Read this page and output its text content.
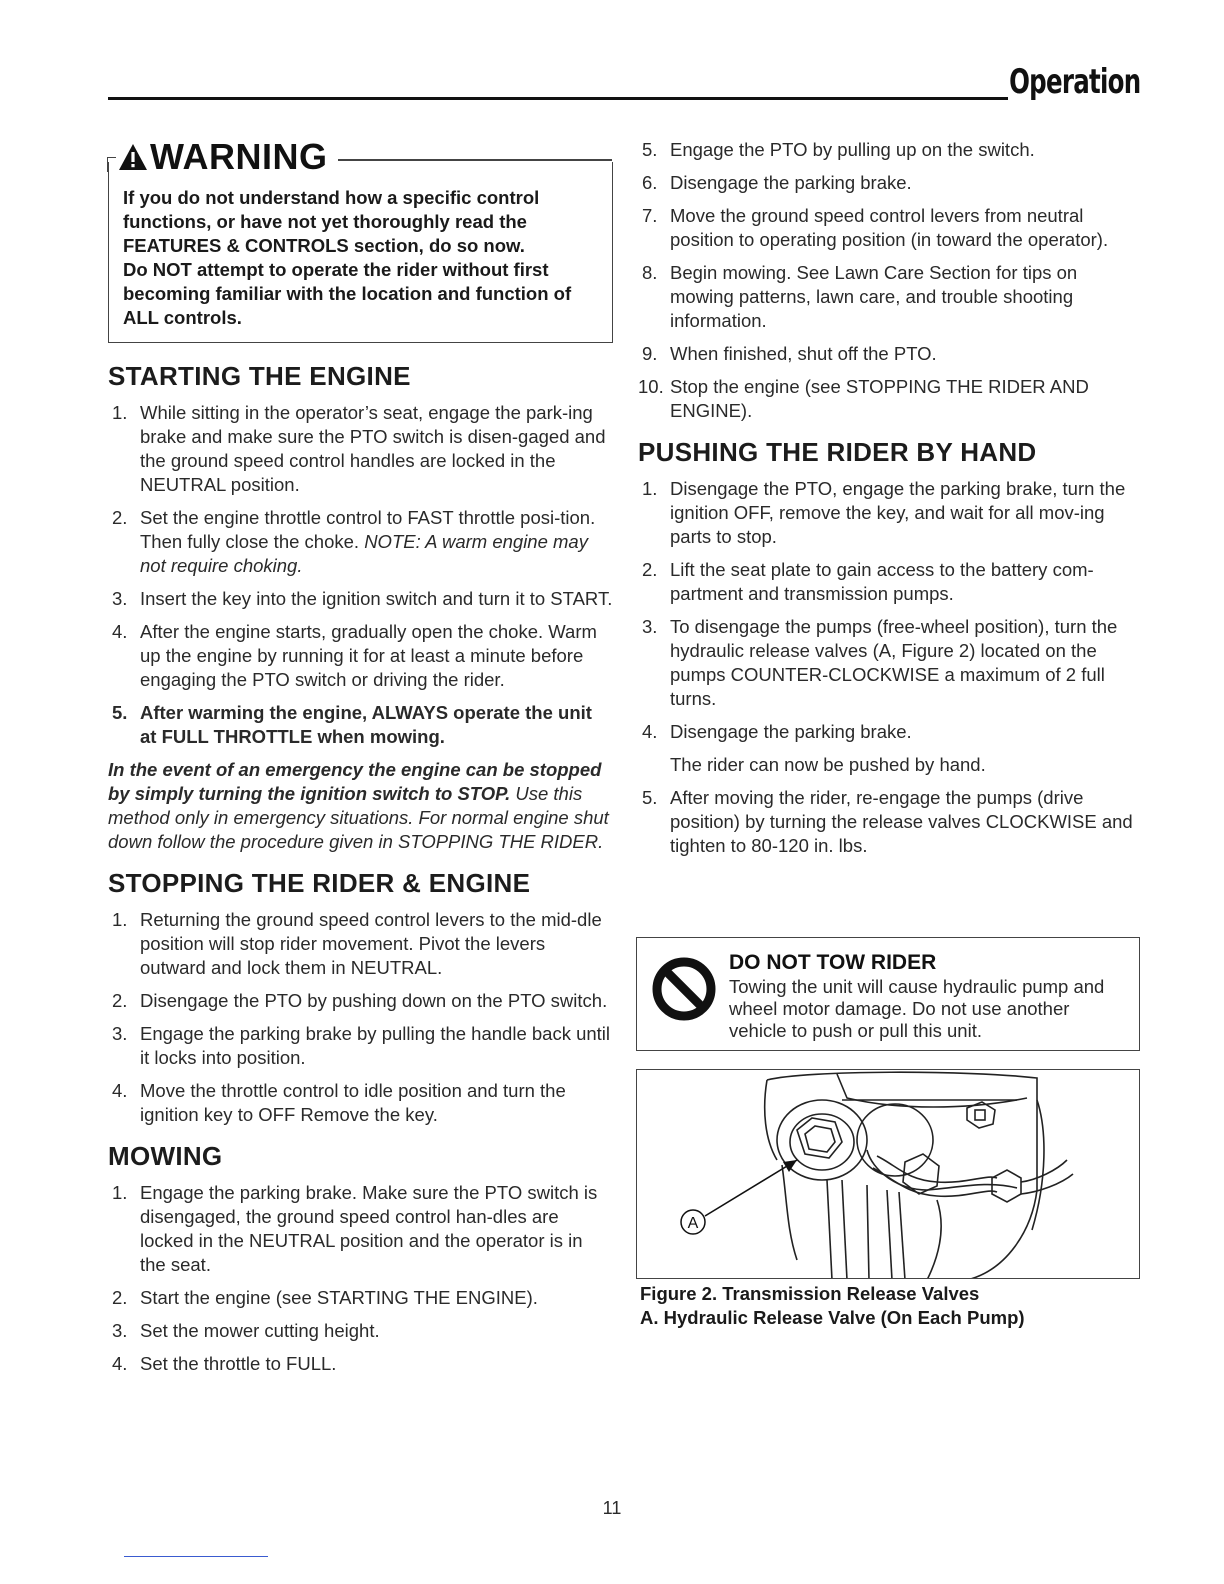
Operation
WARNING
If you do not understand how a specific control functions, or have not yet thoroughly read the FEATURES & CONTROLS section, do so now.
Do NOT attempt to operate the rider without first becoming familiar with the location and function of ALL controls.
STARTING THE ENGINE
1. While sitting in the operator’s seat, engage the park-ing brake and make sure the PTO switch is disen-gaged and the ground speed control handles are locked in the NEUTRAL position.
2. Set the engine throttle control to FAST throttle posi-tion. Then fully close the choke. NOTE: A warm engine may not require choking.
3. Insert the key into the ignition switch and turn it to START.
4. After the engine starts, gradually open the choke. Warm up the engine by running it for at least a minute before engaging the PTO switch or driving the rider.
5. After warming the engine, ALWAYS operate the unit at FULL THROTTLE when mowing.

In the event of an emergency the engine can be stopped by simply turning the ignition switch to STOP. Use this method only in emergency situations. For normal engine shut down follow the procedure given in STOPPING THE RIDER.

STOPPING THE RIDER & ENGINE
1. Returning the ground speed control levers to the mid-dle position will stop rider movement. Pivot the levers outward and lock them in NEUTRAL.
2. Disengage the PTO by pushing down on the PTO switch.
3. Engage the parking brake by pulling the handle back until it locks into position.
4. Move the throttle control to idle position and turn the ignition key to OFF Remove the key.
MOWING
1. Engage the parking brake. Make sure the PTO switch is disengaged, the ground speed control han-dles are locked in the NEUTRAL position and the operator is in the seat.
2. Start the engine (see STARTING THE ENGINE).
3. Set the mower cutting height.
4. Set the throttle to FULL.
5. Engage the PTO by pulling up on the switch.
6. Disengage the parking brake.
7. Move the ground speed control levers from neutral position to operating position (in toward the operator).
8. Begin mowing. See Lawn Care Section for tips on mowing patterns, lawn care, and trouble shooting information.
9. When finished, shut off the PTO.
10. Stop the engine (see STOPPING THE RIDER AND ENGINE).
PUSHING THE RIDER BY HAND
1. Disengage the PTO, engage the parking brake, turn the ignition OFF, remove the key, and wait for all mov-ing parts to stop.
2. Lift the seat plate to gain access to the battery com-partment and transmission pumps.
3. To disengage the pumps (free-wheel position), turn the hydraulic release valves (A, Figure 2) located on the pumps COUNTER-CLOCKWISE a maximum of 2 full turns.
4. Disengage the parking brake.
The rider can now be pushed by hand.
5. After moving the rider, re-engage the pumps (drive position) by turning the release valves CLOCKWISE and tighten to 80-120 in. lbs.
DO NOT TOW RIDER
Towing the unit will cause hydraulic pump and wheel motor damage. Do not use another vehicle to push or pull this unit.
A
Figure 2. Transmission Release Valves
A. Hydraulic Release Valve (On Each Pump)
11
